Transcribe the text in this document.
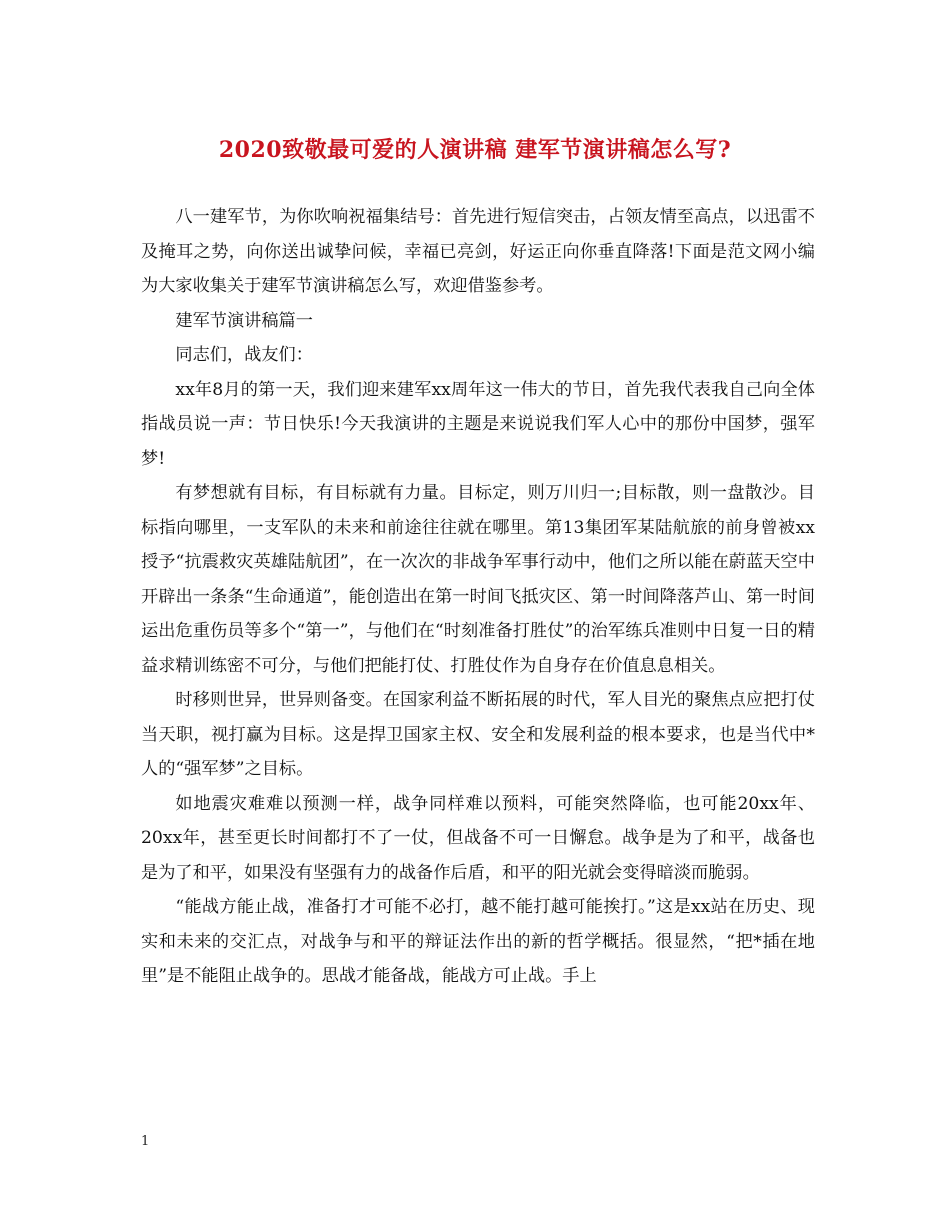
2020致敬最可爱的人演讲稿 建军节演讲稿怎么写?

八一建军节，为你吹响祝福集结号：首先进行短信突击，占领友情至高点，以迅雷不及掩耳之势，向你送出诚挚问候，幸福已亮剑，好运正向你垂直降落!下面是范文网小编为大家收集关于建军节演讲稿怎么写，欢迎借鉴参考。

建军节演讲稿篇一

同志们，战友们：

xx年8月的第一天，我们迎来建军xx周年这一伟大的节日，首先我代表我自己向全体指战员说一声：节日快乐!今天我演讲的主题是来说说我们军人心中的那份中国梦，强军梦!

有梦想就有目标，有目标就有力量。目标定，则万川归一;目标散，则一盘散沙。目标指向哪里，一支军队的未来和前途往往就在哪里。第13集团军某陆航旅的前身曾被xx授予“抗震救灾英雄陆航团”，在一次次的非战争军事行动中，他们之所以能在蔚蓝天空中开辟出一条条“生命通道”，能创造出在第一时间飞抵灾区、第一时间降落芦山、第一时间运出危重伤员等多个“第一”，与他们在“时刻准备打胜仗”的治军练兵准则中日复一日的精益求精训练密不可分，与他们把能打仗、打胜仗作为自身存在价值息息相关。

时移则世异，世异则备变。在国家利益不断拓展的时代，军人目光的聚焦点应把打仗当天职，视打赢为目标。这是捍卫国家主权、安全和发展利益的根本要求，也是当代中*人的“强军梦”之目标。

如地震灾难难以预测一样，战争同样难以预料，可能突然降临，也可能20xx年、20xx年，甚至更长时间都打不了一仗，但战备不可一日懈怠。战争是为了和平，战备也是为了和平，如果没有坚强有力的战备作后盾，和平的阳光就会变得暗淡而脆弱。

“能战方能止战，准备打才可能不必打，越不能打越可能挨打。”这是xx站在历史、现实和未来的交汇点，对战争与和平的辩证法作出的新的哲学概括。很显然，“把*插在地里”是不能阻止战争的。思战才能备战，能战方可止战。手上

1
